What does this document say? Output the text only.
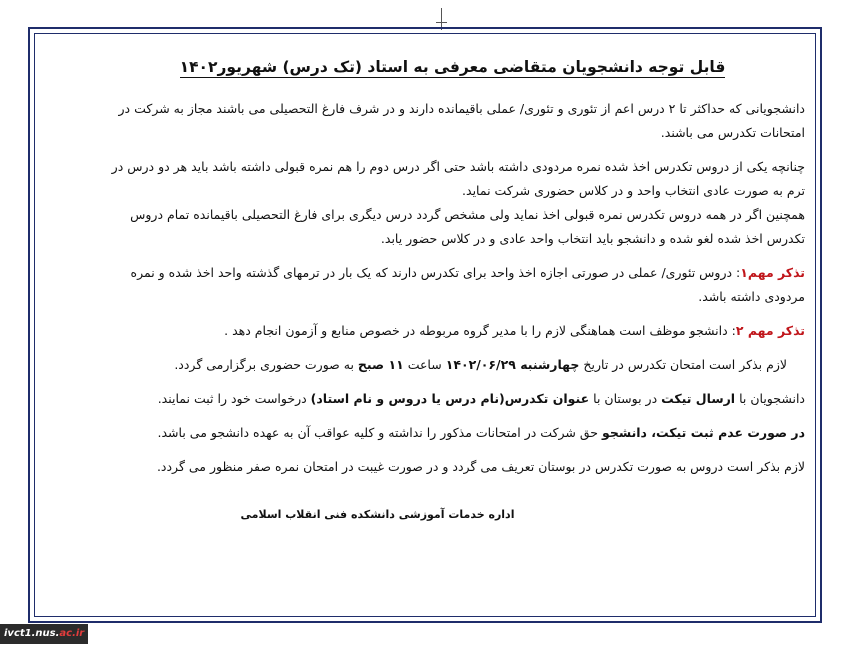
قابل توجه دانشجویان متقاضی معرفی به استاد (تک درس) شهریور۱۴۰۲

دانشجویانی که حداکثر تا ۲ درس اعم از تئوری و تئوری/ عملی باقیمانده دارند و در شرف فارغ التحصیلی می باشند مجاز به شرکت در امتحانات تکدرس می باشند.

چنانچه یکی از دروس تکدرس اخذ شده نمره مردودی داشته باشد حتی اگر درس دوم را هم نمره قبولی داشته باشد باید هر دو درس در ترم به صورت عادی انتخاب واحد و در کلاس حضوری شرکت نماید.

همچنین اگر در همه دروس تکدرس نمره قبولی اخذ نماید ولی مشخص گردد درس دیگری برای فارغ التحصیلی باقیمانده تمام دروس تکدرس اخذ شده لغو شده و دانشجو باید انتخاب واحد عادی و در کلاس حضور یابد.

تذکر مهم۱: دروس تئوری/ عملی در صورتی اجازه اخذ واحد برای تکدرس دارند که یک بار در ترمهای گذشته واحد اخذ شده و نمره مردودی داشته باشد.

تذکر مهم ۲: دانشجو موظف است هماهنگی لازم را با مدیر گروه مربوطه در خصوص منابع و آزمون انجام دهد .

لازم بذکر است امتحان تکدرس در تاریخ چهارشنبه ۱۴۰۲/۰۶/۲۹ ساعت ۱۱ صبح به صورت حضوری برگزارمی گردد.

دانشجویان با ارسال تیکت در بوستان با عنوان تکدرس(نام درس یا دروس و نام استاد) درخواست خود را ثبت نمایند.

در صورت عدم ثبت تیکت، دانشجو حق شرکت در امتحانات مذکور را نداشته و کلیه عواقب آن به عهده دانشجو می باشد.

لازم بذکر است دروس به صورت تکدرس در بوستان تعریف می گردد و در صورت غیبت در امتحان نمره صفر منظور می گردد.

اداره خدمات آموزشی دانشکده فنی انقلاب اسلامی
ivct1.nus.ac.ir
